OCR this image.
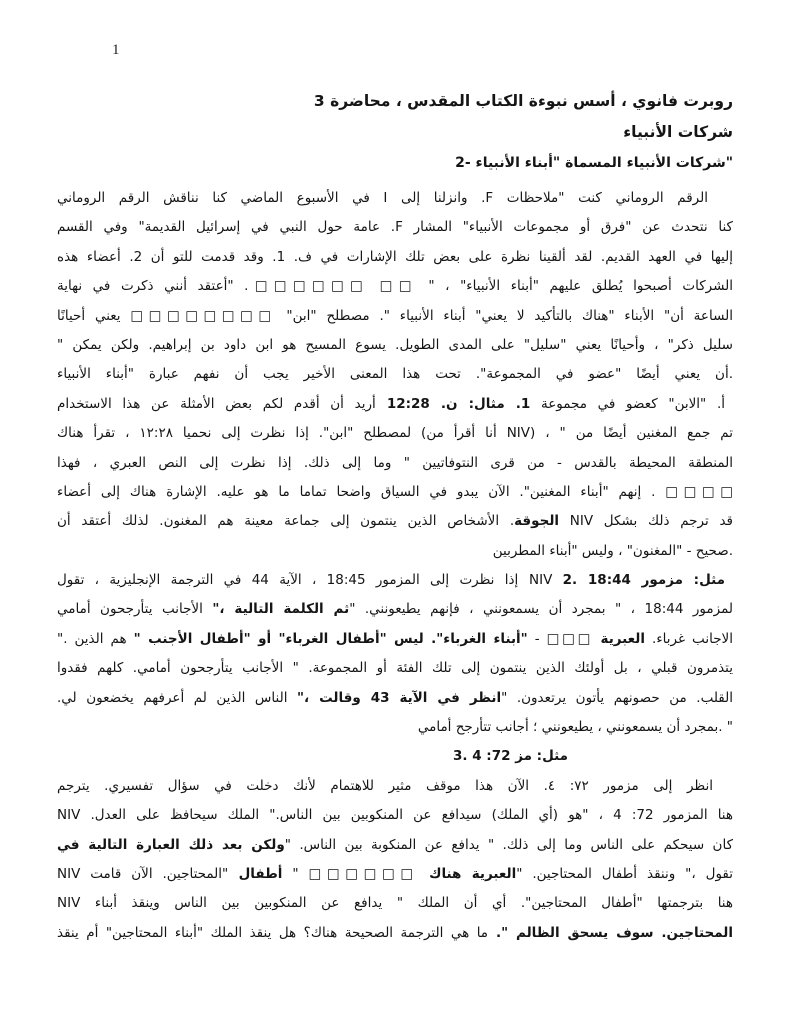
1
روبرت فانوي ، أسس نبوءة الكتاب المقدس ، محاضرة 3
شركات الأنبياء
"شركات الأنبياء المسماة "أبناء الأنبياء -2
الرقم الروماني كنت "ملاحظات F. وانزلنا إلى I في الأسبوع الماضي كنا نناقش الرقم الروماني
كنا نتحدث عن "فرق أو مجموعات الأنبياء" المشار F. عامة حول النبي في إسرائيل القديمة" وفي القسم
إليها في العهد القديم. لقد ألقينا نظرة على بعض تلك الإشارات في ف. 1. وقد قدمت للتو أن 2. أعضاء هذه
الشركات أصبحوا يُطلق عليهم "أبناء الأنبياء" ، " □□ □□□□□□. "أعتقد أنني ذكرت في نهاية
الساعة أن" الأبناء "هناك بالتأكيد لا يعني" أبناء الأنبياء ". مصطلح "ابن" □□□□□□□□ يعني أحيانًا
سليل ذكر" ، وأحيانًا يعني "سليل" على المدى الطويل. يسوع المسيح هو ابن داود بن إبراهيم. ولكن يمكن "
.أن يعني أيضًا "عضو في المجموعة". تحت هذا المعنى الأخير يجب أن نفهم عبارة "أبناء الأنبياء
أ. "الابن" كعضو في مجموعة 1. مثال: ن. 12:28 أريد أن أقدم لكم بعض الأمثلة عن هذا الاستخدام
تم جمع المغنين أيضًا من " ، (NIV أنا أقرأ من) لمصطلح "ابن". إذا نظرت إلى نحميا ١٢:٢٨ ، تقرأ هناك
المنطقة المحيطة بالقدس - من قرى النتوفاتيين " وما إلى ذلك. إذا نظرت إلى النص العبري ، فهذا
□□□□ . إنهم "أبناء المغنين". الآن يبدو في السياق واضحا تماما ما هو عليه. الإشارة هناك إلى أعضاء
قد ترجم ذلك بشكل NIV الجوقة. الأشخاص الذين ينتمون إلى جماعة معينة هم المغنون. لذلك أعتقد أن
.صحيح - "المغنون" ، وليس "أبناء المطربين
مثل: مزمور NIV 2. 18:44 إذا نظرت إلى المزمور 18:45 ، الآية 44 في الترجمة الإنجليزية ، تقول
لمزمور 18:44 ، " بمجرد أن يسمعونني ، فإنهم يطيعونني. "ثم الكلمة التالية ،" الأجانب يتأرجحون أمامي
الاجانب غرباء. العبرية □□□ - "أبناء الغرباء". ليس "أطفال الغرباء" أو "أطفال الأجنب " هم الذين ."
يتذمرون قبلي ، بل أولئك الذين ينتمون إلى تلك الفئة أو المجموعة. " الأجانب يتأرجحون أمامي. كلهم فقدوا
القلب. من حصونهم يأتون يرتعدون. "انظر في الآية 43 وقالت ،" الناس الذين لم أعرفهم يخضعون لي.
" .بمجرد أن يسمعونني ، يطيعونني ؛ أجانب تتأرجح أمامي
مثل: مز 72: 4 .3
انظر إلى مزمور ٧٢: ٤. الآن هذا موقف مثير للاهتمام لأنك دخلت في سؤال تفسيري. يترجم
هنا المزمور 72: 4 ، "هو (أي الملك) سيدافع عن المنكوبين بين الناس." الملك سيحافظ على العدل. NIV
كان سيحكم على الناس وما إلى ذلك. " يدافع عن المنكوبة بين الناس. "ولكن بعد ذلك العبارة التالية في
تقول ،" وننقذ أطفال المحتاجين. "العبرية هناك □□□□□□ " أطفال "المحتاجين. الآن قامت NIV
هنا بترجمتها "أطفال المحتاجين". أي أن الملك " يدافع عن المنكوبين بين الناس وينقذ أبناء NIV
المحتاجين. سوف يسحق الظالم ". ما هي الترجمة الصحيحة هناك؟ هل ينقذ الملك "أبناء المحتاجين" أم ينقذ
